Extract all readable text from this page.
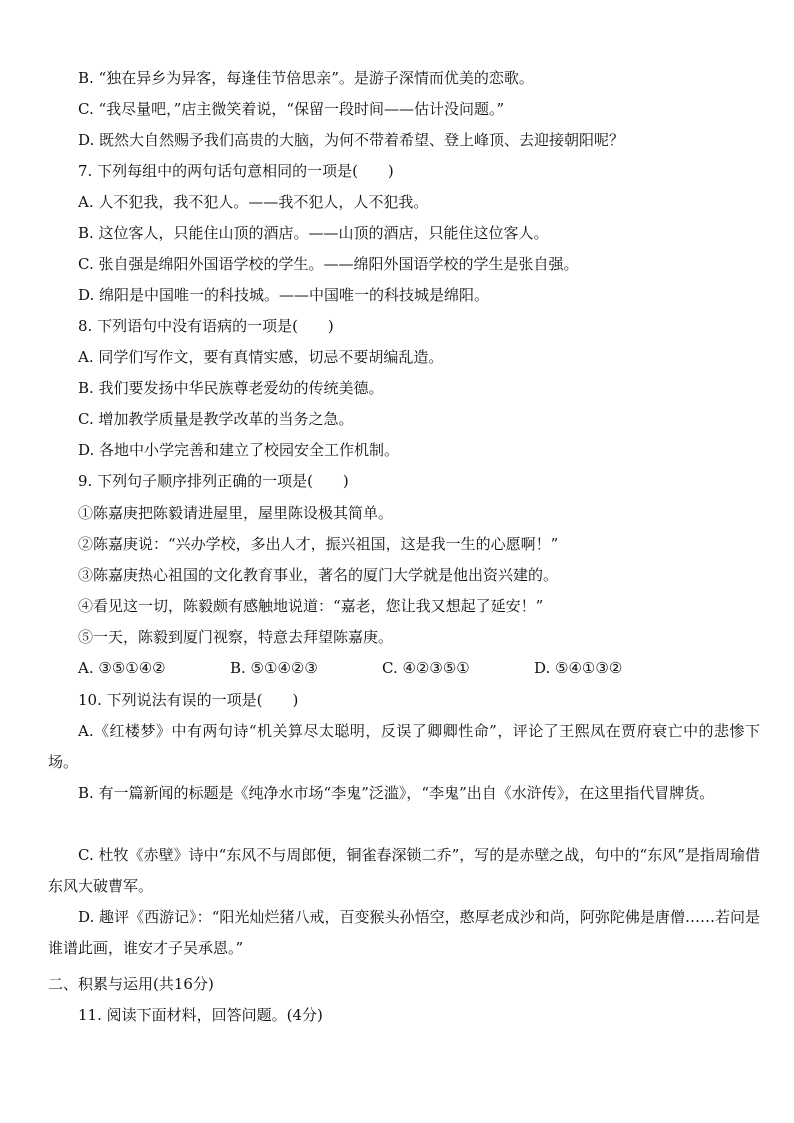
B. “独在异乡为异客，每逢佳节倍思亲”。是游子深情而优美的恋歌。
C. “我尽量吧，”店主微笑着说，“保留一段时间——估计没问题。”
D. 既然大自然赐予我们高贵的大脑，为何不带着希望、登上峰顶、去迎接朝阳呢？
7. 下列每组中的两句话句意相同的一项是(　　)
A. 人不犯我，我不犯人。——我不犯人，人不犯我。
B. 这位客人，只能住山顶的酒店。——山顶的酒店，只能住这位客人。
C. 张自强是绵阳外国语学校的学生。——绵阳外国语学校的学生是张自强。
D. 绵阳是中国唯一的科技城。——中国唯一的科技城是绵阳。
8. 下列语句中没有语病的一项是(　　)
A. 同学们写作文，要有真情实感，切忌不要胡编乱造。
B. 我们要发扬中华民族尊老爱幼的传统美德。
C. 增加教学质量是教学改革的当务之急。
D. 各地中小学完善和建立了校园安全工作机制。
9. 下列句子顺序排列正确的一项是(　　)
①陈嘉庚把陈毅请进屋里，屋里陈设极其简单。
②陈嘉庚说：“兴办学校，多出人才，振兴祖国，这是我一生的心愿啊！”
③陈嘉庚热心祖国的文化教育事业，著名的厦门大学就是他出资兴建的。
④看见这一切，陈毅颇有感触地说道：“嘉老，您让我又想起了延安！”
⑤一天，陈毅到厦门视察，特意去拜望陈嘉庚。
A. ③⑤①④②	B. ⑤①④②③	C. ④②③⑤①	D. ⑤④①③②
10. 下列说法有误的一项是(　　)
A.《红楼梦》中有两句诗“机关算尽太聪明，反误了卿卿性命”，评论了王熙凤在贾府衰亡中的悲惨下场。
B. 有一篇新闻的标题是《纯净水市场“李鬼”泛滥》，“李鬼”出自《水浒传》，在这里指代冒牌货。
C. 杜牧《赤壁》诗中“东风不与周郎便，铜雀春深锁二乔”，写的是赤壁之战，句中的“东风”是指周瑜借东风大破曹军。
D. 趣评《西游记》：“阳光灿烂猪八戒，百变猴头孙悟空，憨厚老成沙和尚，阿弥陀佛是唐僧……若问是谁谱此画，谁安才子吴承恩。”
二、积累与运用(共16分)
11. 阅读下面材料，回答问题。(4分)
